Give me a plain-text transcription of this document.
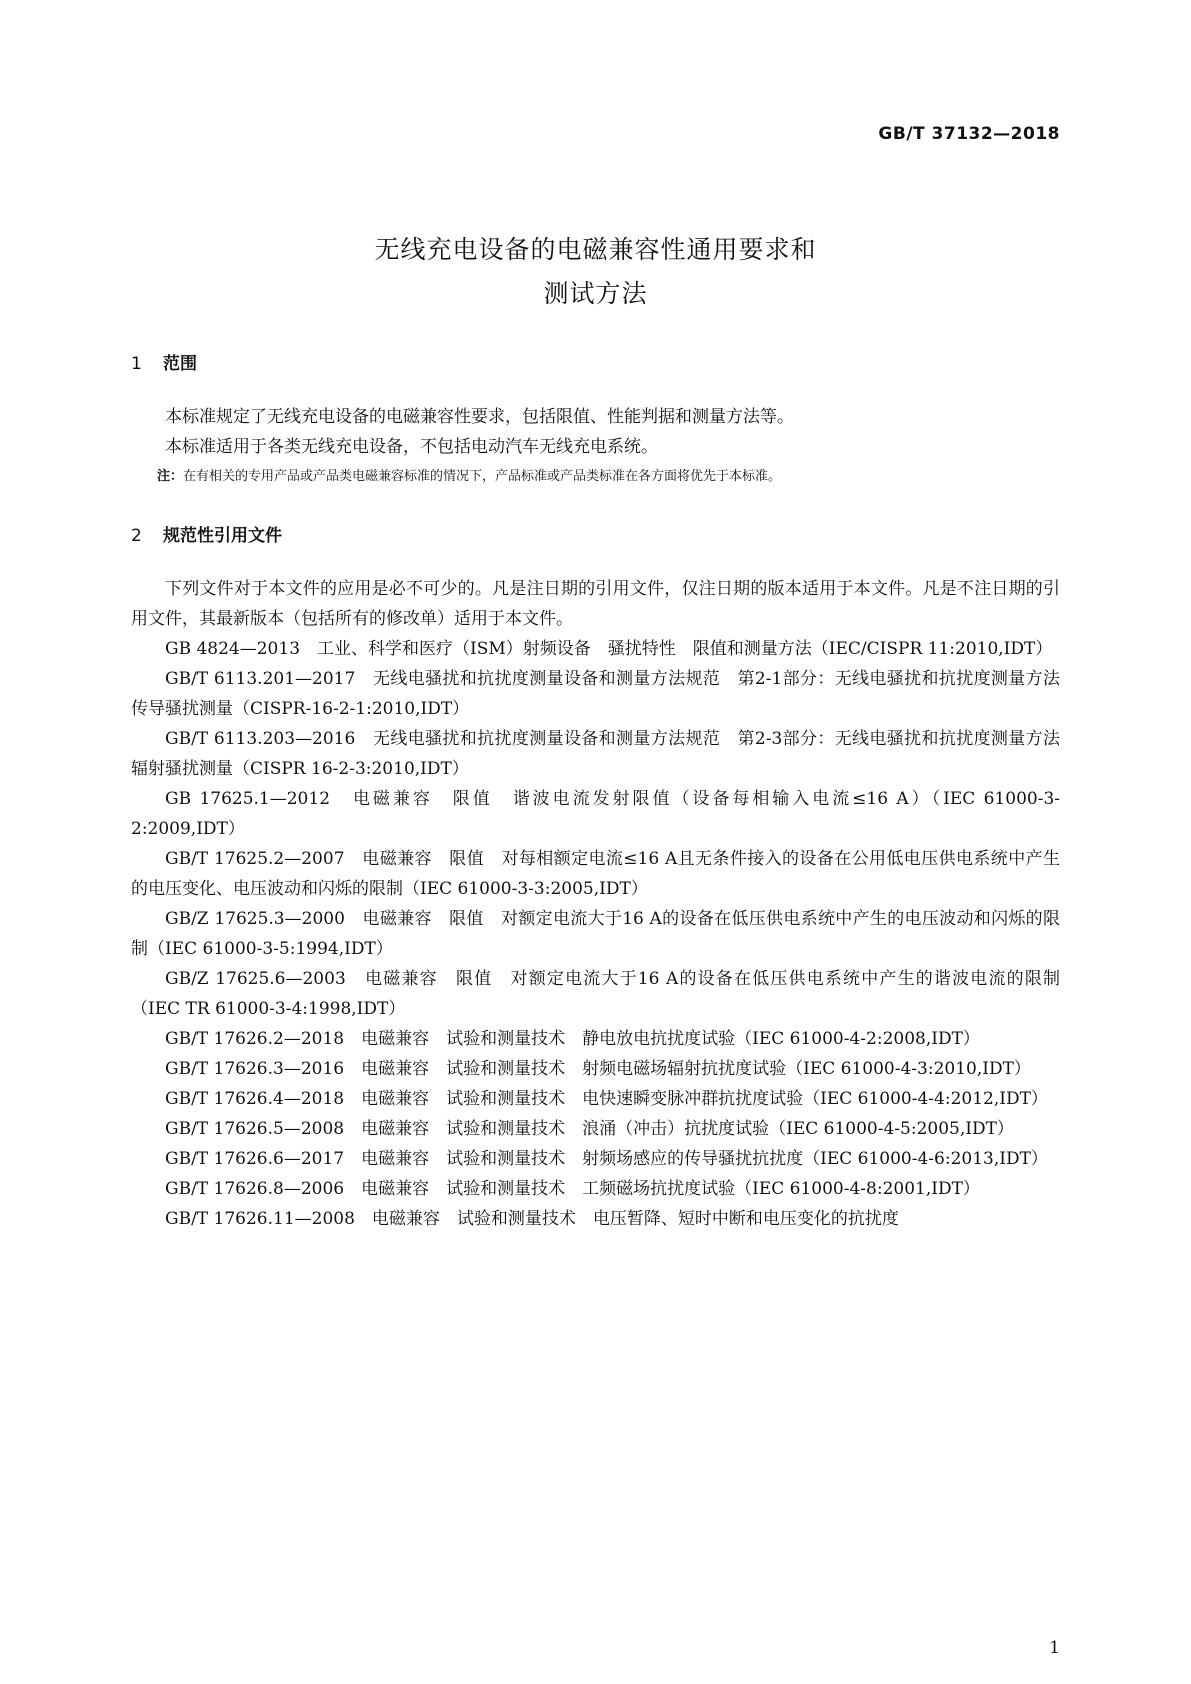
GB/T 37132—2018
无线充电设备的电磁兼容性通用要求和
测试方法
1 范围

本标准规定了无线充电设备的电磁兼容性要求，包括限值、性能判据和测量方法等。

本标准适用于各类无线充电设备，不包括电动汽车无线充电系统。

注：在有相关的专用产品或产品类电磁兼容标准的情况下，产品标准或产品类标准在各方面将优先于本标准。

2 规范性引用文件

下列文件对于本文件的应用是必不可少的。凡是注日期的引用文件，仅注日期的版本适用于本文件。凡是不注日期的引用文件，其最新版本（包括所有的修改单）适用于本文件。

GB 4824—2013　工业、科学和医疗（ISM）射频设备　骚扰特性　限值和测量方法（IEC/CISPR 11:2010,IDT）

GB/T 6113.201—2017　无线电骚扰和抗扰度测量设备和测量方法规范　第2-1部分：无线电骚扰和抗扰度测量方法　传导骚扰测量（CISPR-16-2-1:2010,IDT）

GB/T 6113.203—2016　无线电骚扰和抗扰度测量设备和测量方法规范　第2-3部分：无线电骚扰和抗扰度测量方法　辐射骚扰测量（CISPR 16-2-3:2010,IDT）

GB 17625.1—2012　电磁兼容　限值　谐波电流发射限值（设备每相输入电流≤16 A）（IEC 61000-3-2:2009,IDT）

GB/T 17625.2—2007　电磁兼容　限值　对每相额定电流≤16 A且无条件接入的设备在公用低电压供电系统中产生的电压变化、电压波动和闪烁的限制（IEC 61000-3-3:2005,IDT）

GB/Z 17625.3—2000　电磁兼容　限值　对额定电流大于16 A的设备在低压供电系统中产生的电压波动和闪烁的限制（IEC 61000-3-5:1994,IDT）

GB/Z 17625.6—2003　电磁兼容　限值　对额定电流大于16 A的设备在低压供电系统中产生的谐波电流的限制（IEC TR 61000-3-4:1998,IDT）

GB/T 17626.2—2018　电磁兼容　试验和测量技术　静电放电抗扰度试验（IEC 61000-4-2:2008,IDT）

GB/T 17626.3—2016　电磁兼容　试验和测量技术　射频电磁场辐射抗扰度试验（IEC 61000-4-3:2010,IDT）

GB/T 17626.4—2018　电磁兼容　试验和测量技术　电快速瞬变脉冲群抗扰度试验（IEC 61000-4-4:2012,IDT）

GB/T 17626.5—2008　电磁兼容　试验和测量技术　浪涌（冲击）抗扰度试验（IEC 61000-4-5:2005,IDT）

GB/T 17626.6—2017　电磁兼容　试验和测量技术　射频场感应的传导骚扰抗扰度（IEC 61000-4-6:2013,IDT）

GB/T 17626.8—2006　电磁兼容　试验和测量技术　工频磁场抗扰度试验（IEC 61000-4-8:2001,IDT）

GB/T 17626.11—2008　电磁兼容　试验和测量技术　电压暂降、短时中断和电压变化的抗扰度

1
